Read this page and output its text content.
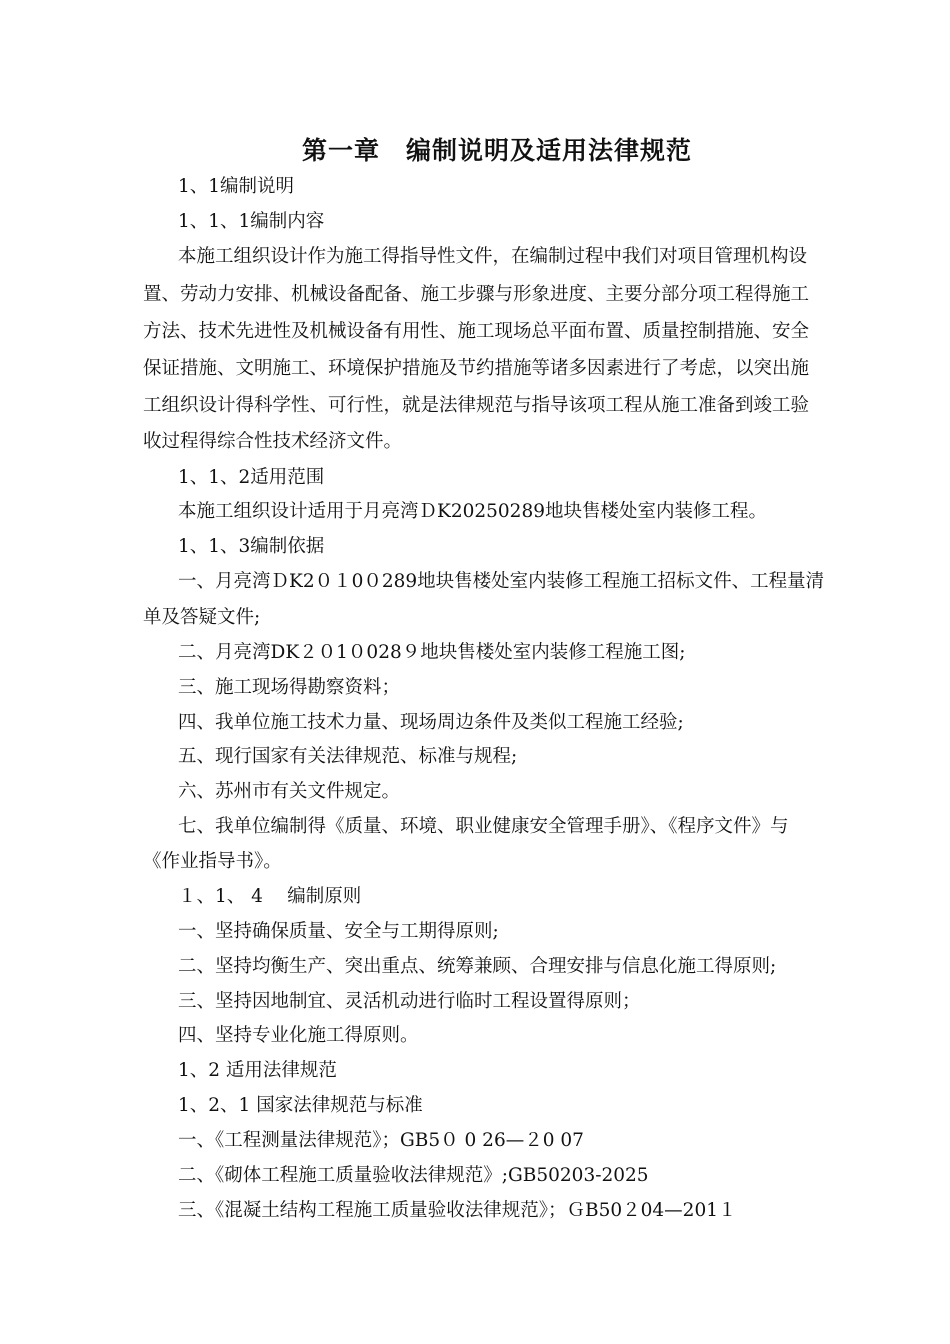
第一章　编制说明及适用法律规范

1、1编制说明

1、1、1编制内容

本施工组织设计作为施工得指导性文件，在编制过程中我们对项目管理机构设

置、劳动力安排、机械设备配备、施工步骤与形象进度、主要分部分项工程得施工

方法、技术先进性及机械设备有用性、施工现场总平面布置、质量控制措施、安全

保证措施、文明施工、环境保护措施及节约措施等诸多因素进行了考虑，以突出施

工组织设计得科学性、可行性，就是法律规范与指导该项工程从施工准备到竣工验

收过程得综合性技术经济文件。

1、1、2适用范围

本施工组织设计适用于月亮湾ＤK20250289地块售楼处室内装修工程。

1、1、3编制依据

一、月亮湾ＤK2０１0０289地块售楼处室内装修工程施工招标文件、工程量清

单及答疑文件;

二、月亮湾DK２０1０028９地块售楼处室内装修工程施工图;

三、施工现场得勘察资料；

四、我单位施工技术力量、现场周边条件及类似工程施工经验;

五、现行国家有关法律规范、标准与规程;

六、苏州市有关文件规定。

七、我单位编制得《质量、环境、职业健康安全管理手册》、《程序文件》与

《作业指导书》。

１、1、 4　 编制原则

一、坚持确保质量、安全与工期得原则;

二、坚持均衡生产、突出重点、统筹兼顾、合理安排与信息化施工得原则;

三、坚持因地制宜、灵活机动进行临时工程设置得原则；

四、坚持专业化施工得原则。

1、2 适用法律规范

1、2、1 国家法律规范与标准

一、《工程测量法律规范》；GB5０ 0 26—２0 07

二、《砌体工程施工质量验收法律规范》;GB50203-2025

三、《混凝土结构工程施工质量验收法律规范》；ＧB50２04—201１
